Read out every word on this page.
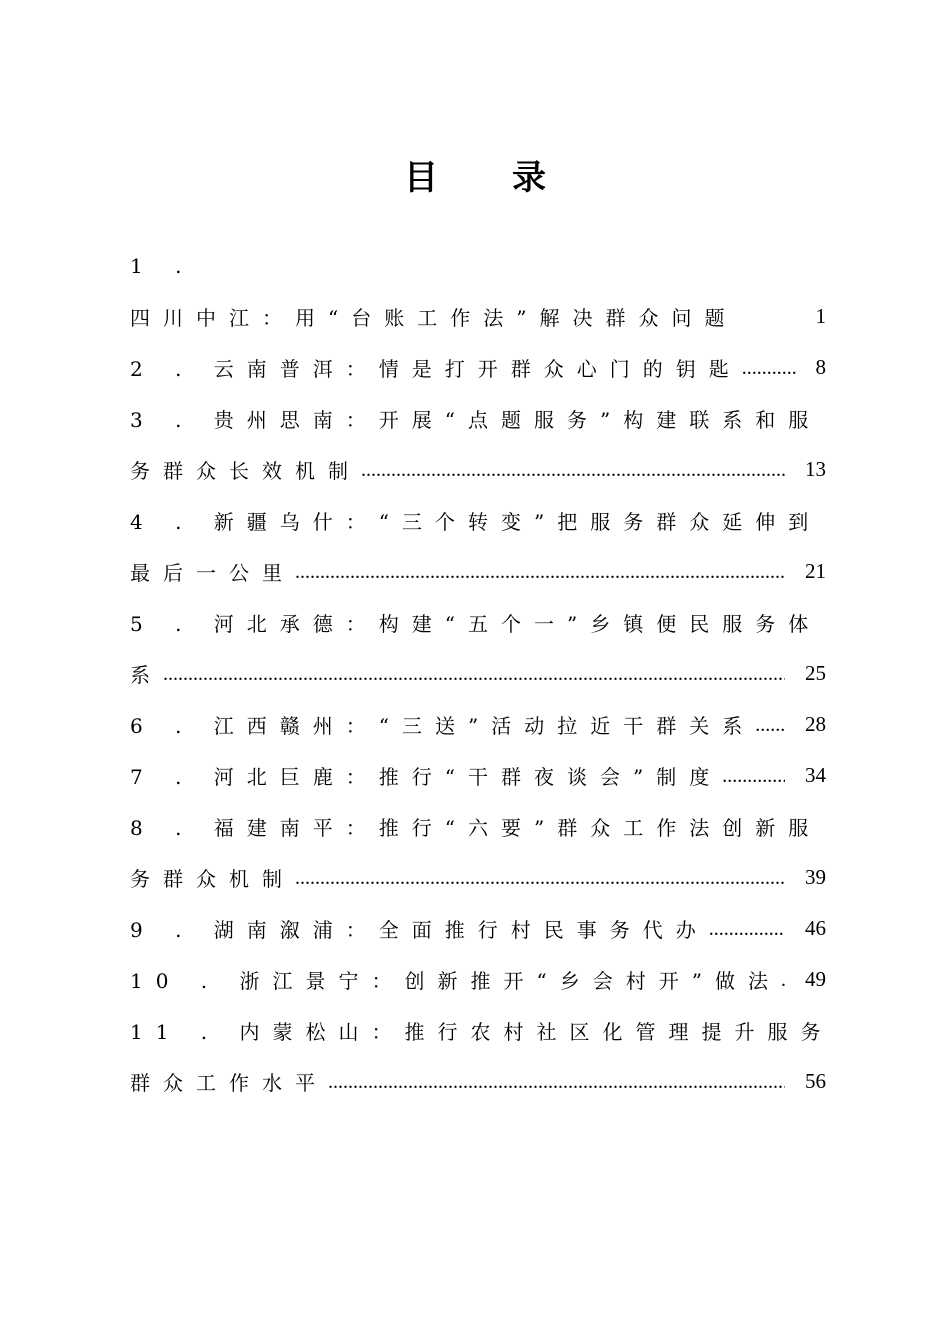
目 录
1 .
四川中江：用“台账工作法”解决群众问题	1
2 . 云南普洱：情是打开群众心门的钥匙 .....	8
3 . 贵州思南：开展“点题服务”构建联系和服
务群众长效机制 .....	13
4 . 新疆乌什：“三个转变”把服务群众延伸到
最后一公里 .....	21
5 . 河北承德：构建“五个一”乡镇便民服务体
系 .....	25
6 . 江西赣州：“三送”活动拉近干群关系 ..... 28
7 . 河北巨鹿：推行“干群夜谈会”制度 .....	34
8 . 福建南平：推行“六要”群众工作法创新服
务群众机制 .....	39
9 . 湖南溆浦：全面推行村民事务代办 .....	46
10 . 浙江景宁：创新推开“乡会村开”做法 ..... 49
11 . 内蒙松山：推行农村社区化管理提升服务
群众工作水平 .....	56
